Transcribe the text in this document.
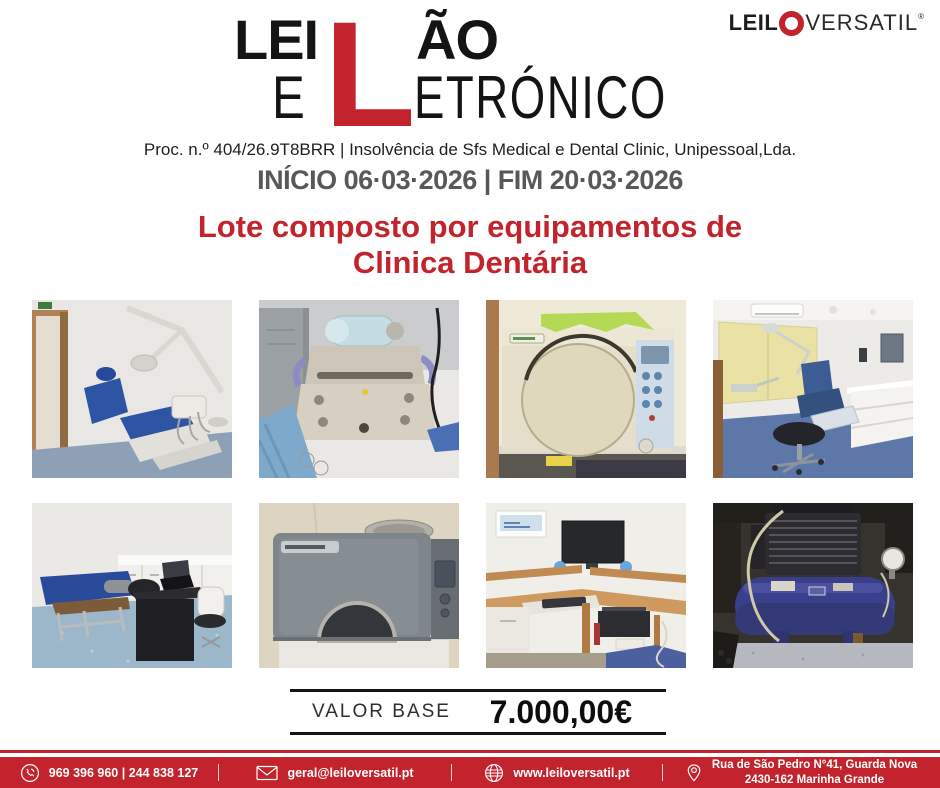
LEIL VERSATIL ®
LEI L ÃO
E ETRÓNICO
Proc. n.º 404/26.9T8BRR | Insolvência de Sfs Medical e Dental Clinic, Unipessoal,Lda.
INÍCIO 06·03·2026 | FIM 20·03·2026
Lote composto por equipamentos de
Clinica Dentária
VALOR BASE 7.000,00€
969 396 960 | 244 838 127	geral@leiloversatil.pt	www.leiloversatil.pt
Rua de São Pedro N°41, Guarda Nova
2430-162 Marinha Grande
